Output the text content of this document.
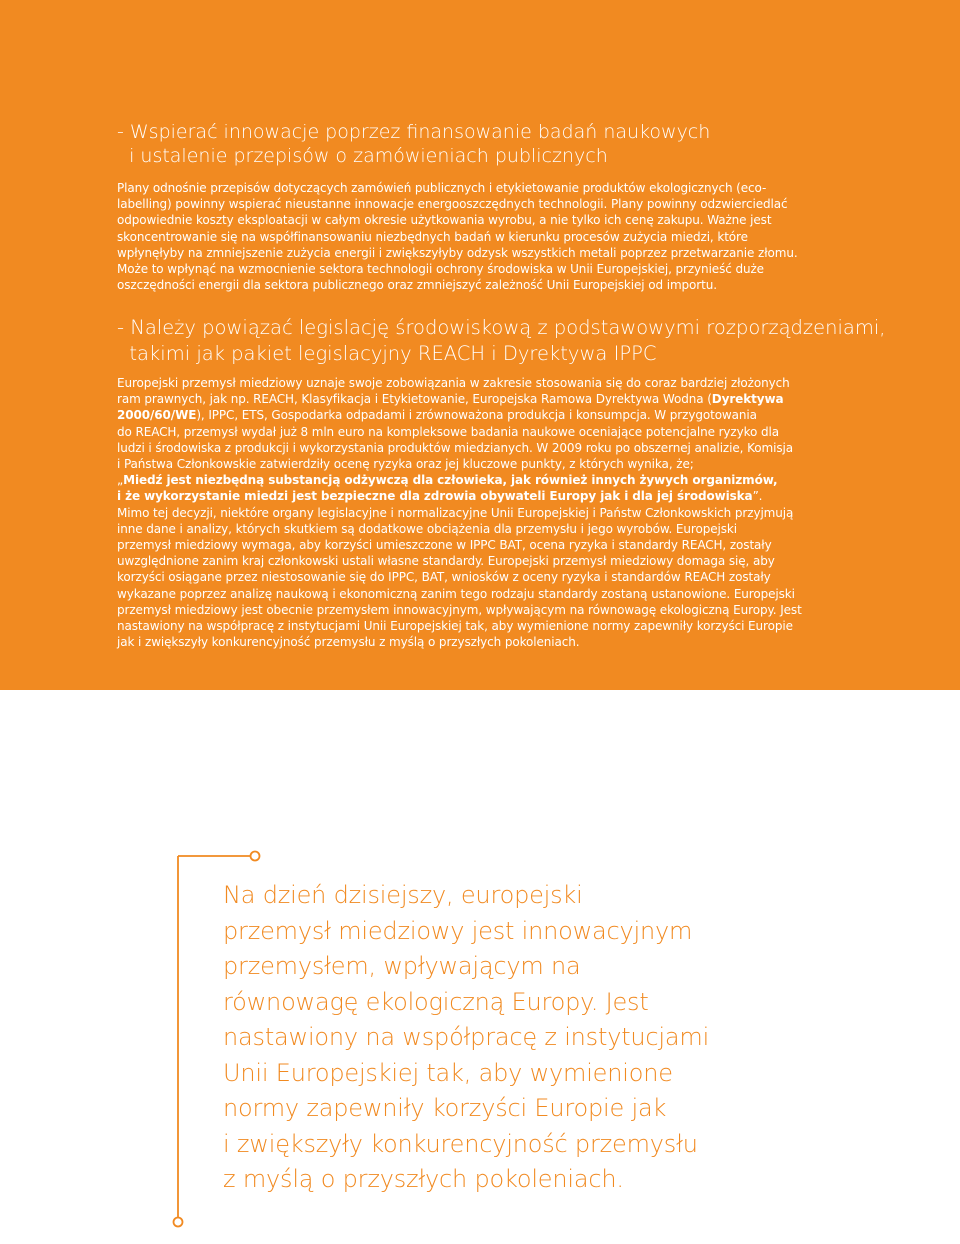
- Wspierać innowacje poprzez finansowanie badań naukowych
i ustalenie przepisów o zamówieniach publicznych

Plany odnośnie przepisów dotyczących zamówień publicznych i etykietowanie produktów ekologicznych (eco-
labelling) powinny wspierać nieustanne innowacje energooszczędnych technologii. Plany powinny odzwierciedlać
odpowiednie koszty eksploatacji w całym okresie użytkowania wyrobu, a nie tylko ich cenę zakupu. Ważne jest
skoncentrowanie się na współfinansowaniu niezbędnych badań w kierunku procesów zużycia miedzi, które
wpłynęłyby na zmniejszenie zużycia energii i zwiększyłyby odzysk wszystkich metali poprzez przetwarzanie złomu.
Może to wpłynąć na wzmocnienie sektora technologii ochrony środowiska w Unii Europejskiej, przynieść duże
oszczędności energii dla sektora publicznego oraz zmniejszyć zależność Unii Europejskiej od importu.

- Należy powiązać legislację środowiskową z podstawowymi rozporządzeniami,
takimi jak pakiet legislacyjny REACH i Dyrektywa IPPC

Europejski przemysł miedziowy uznaje swoje zobowiązania w zakresie stosowania się do coraz bardziej złożonych
ram prawnych, jak np. REACH, Klasyfikacja i Etykietowanie, Europejska Ramowa Dyrektywa Wodna (Dyrektywa
2000/60/WE), IPPC, ETS, Gospodarka odpadami i zrównoważona produkcja i konsumpcja. W przygotowania
do REACH, przemysł wydał już 8 mln euro na kompleksowe badania naukowe oceniające potencjalne ryzyko dla
ludzi i środowiska z produkcji i wykorzystania produktów miedzianych. W 2009 roku po obszernej analizie, Komisja
i Państwa Członkowskie zatwierdziły ocenę ryzyka oraz jej kluczowe punkty, z których wynika, że;
„Miedź jest niezbędną substancją odżywczą dla człowieka, jak również innych żywych organizmów,
i że wykorzystanie miedzi jest bezpieczne dla zdrowia obywateli Europy jak i dla jej środowiska”.
Mimo tej decyzji, niektóre organy legislacyjne i normalizacyjne Unii Europejskiej i Państw Członkowskich przyjmują
inne dane i analizy, których skutkiem są dodatkowe obciążenia dla przemysłu i jego wyrobów. Europejski
przemysł miedziowy wymaga, aby korzyści umieszczone w IPPC BAT, ocena ryzyka i standardy REACH, zostały
uwzględnione zanim kraj członkowski ustali własne standardy. Europejski przemysł miedziowy domaga się, aby
korzyści osiągane przez niestosowanie się do IPPC, BAT, wniosków z oceny ryzyka i standardów REACH zostały
wykazane poprzez analizę naukową i ekonomiczną zanim tego rodzaju standardy zostaną ustanowione. Europejski
przemysł miedziowy jest obecnie przemysłem innowacyjnym, wpływającym na równowagę ekologiczną Europy. Jest
nastawiony na współpracę z instytucjami Unii Europejskiej tak, aby wymienione normy zapewniły korzyści Europie
jak i zwiększyły konkurencyjność przemysłu z myślą o przyszłych pokoleniach.

Na dzień dzisiejszy, europejski
przemysł miedziowy jest innowacyjnym
przemysłem, wpływającym na
równowagę ekologiczną Europy. Jest
nastawiony na współpracę z instytucjami
Unii Europejskiej tak, aby wymienione
normy zapewniły korzyści Europie jak
i zwiększyły konkurencyjność przemysłu
z myślą o przyszłych pokoleniach.
